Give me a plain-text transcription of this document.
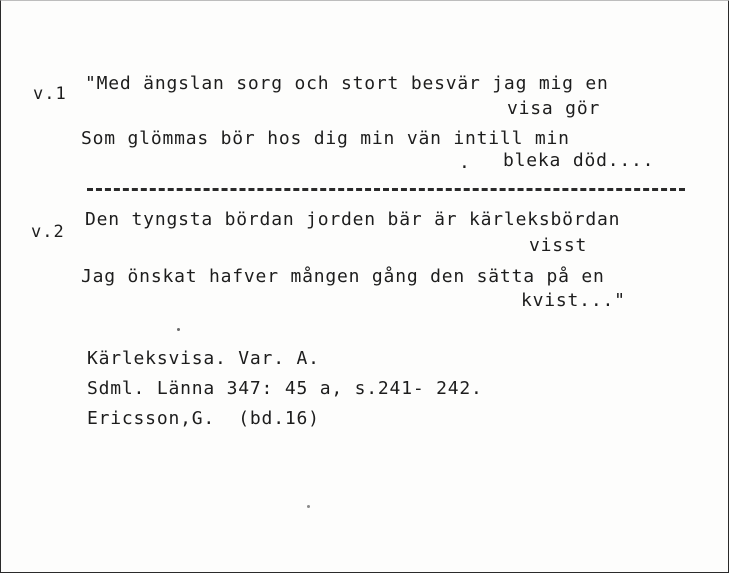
v.1 "Med ängslan sorg och stort besvär jag mig en

visa gör

Som glömmas bör hos dig min vän intill min

. bleka död....

v.2

Den tyngsta bördan jorden bär är kärleksbördan

visst

Jag önskat hafver mången gång den sätta på en

kvist..."

Kärleksvisa. Var. A.

Sdml. Länna 347: 45 a, s.241- 242.

Ericsson,G.  (bd.16)
